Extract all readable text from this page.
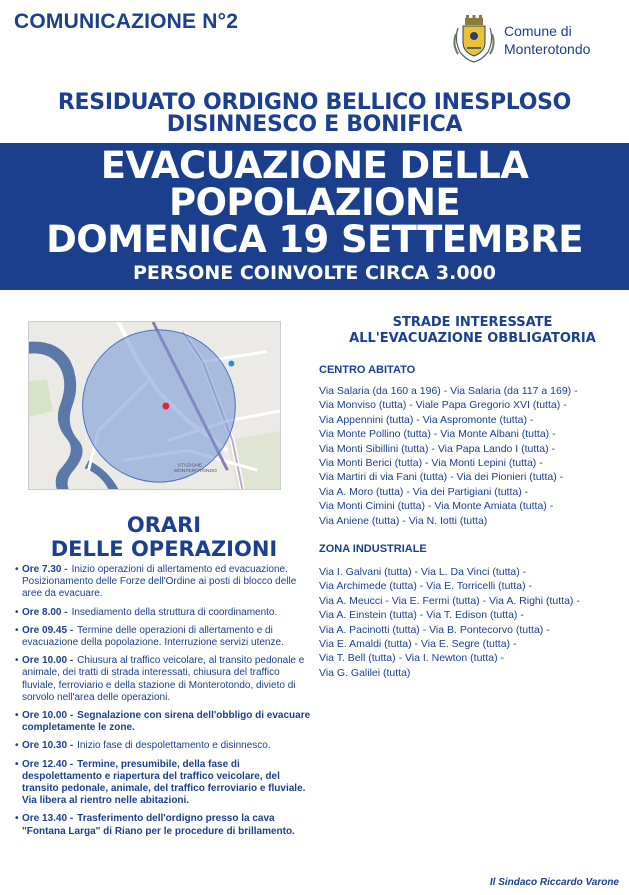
COMUNICAZIONE N°2	Comune di
Monterotondo
RESIDUATO ORDIGNO BELLICO INESPLOSO
DISINNESCO E BONIFICA
EVACUAZIONE DELLA
POPOLAZIONE
DOMENICA 19 SETTEMBRE
PERSONE COINVOLTE CIRCA 3.000
STAZIONE
MONTEROTONDO
ORARI
DELLE OPERAZIONI
• Ore 7.30 - Inizio operazioni di allertamento ed evacuazione. Posizionamento delle Forze dell'Ordine ai posti di blocco delle aree da evacuare.
• Ore 8.00 - Insediamento della struttura di coordinamento.
• Ore 09.45 - Termine delle operazioni di allertamento e di evacuazione della popolazione. Interruzione servizi utenze.
• Ore 10.00 - Chiusura al traffico veicolare, al transito pedonale e animale, dei tratti di strada interessati, chiusura del traffico fluviale, ferroviario e della stazione di Monterotondo, divieto di sorvolo nell'area delle operazioni.
• Ore 10.00 - Segnalazione con sirena dell'obbligo di evacuare completamente le zone.
• Ore 10.30 - Inizio fase di despolettamento e disinnesco.
• Ore 12.40 - Termine, presumibile, della fase di despolettamento e riapertura del traffico veicolare, del transito pedonale, animale, del traffico ferroviario e fluviale. Via libera al rientro nelle abitazioni.
• Ore 13.40 - Trasferimento dell'ordigno presso la cava "Fontana Larga" di Riano per le procedure di brillamento.
STRADE INTERESSATE
ALL'EVACUAZIONE OBBLIGATORIA
CENTRO ABITATO
Via Salaria (da 160 a 196) - Via Salaria (da 117 a 169) -
Via Monviso (tutta) - Viale Papa Gregorio XVI (tutta) -
Via Appennini (tutta) - Via Aspromonte (tutta) -
Via Monte Pollino (tutta) - Via Monte Albani (tutta) -
Via Monti Sibillini (tutta) - Via Papa Lando I (tutta) -
Via Monti Berici (tutta) - Via Monti Lepini (tutta) -
Via Martiri di via Fani (tutta) - Via dei Pionieri (tutta) -
Via A. Moro (tutta) - Via dei Partigiani (tutta) -
Via Monti Cimini (tutta) - Via Monte Amiata (tutta) -
Via Aniene (tutta) - Via N. Iotti (tutta)
ZONA INDUSTRIALE
Via I. Galvani (tutta) - Via L. Da Vinci (tutta) -
Via Archimede (tutta) - Via E. Torricelli (tutta) -
Via A. Meucci - Via E. Fermi (tutta) - Via A. Righi (tutta) -
Via A. Einstein (tutta) - Via T. Edison (tutta) -
Via A. Pacinotti (tutta) - Via B. Pontecorvo (tutta) -
Via E. Amaldi (tutta) - Via E. Segre (tutta) -
Via T. Bell (tutta) - Via I. Newton (tutta) -
Via G. Galilei (tutta)
Il Sindaco Riccardo Varone
